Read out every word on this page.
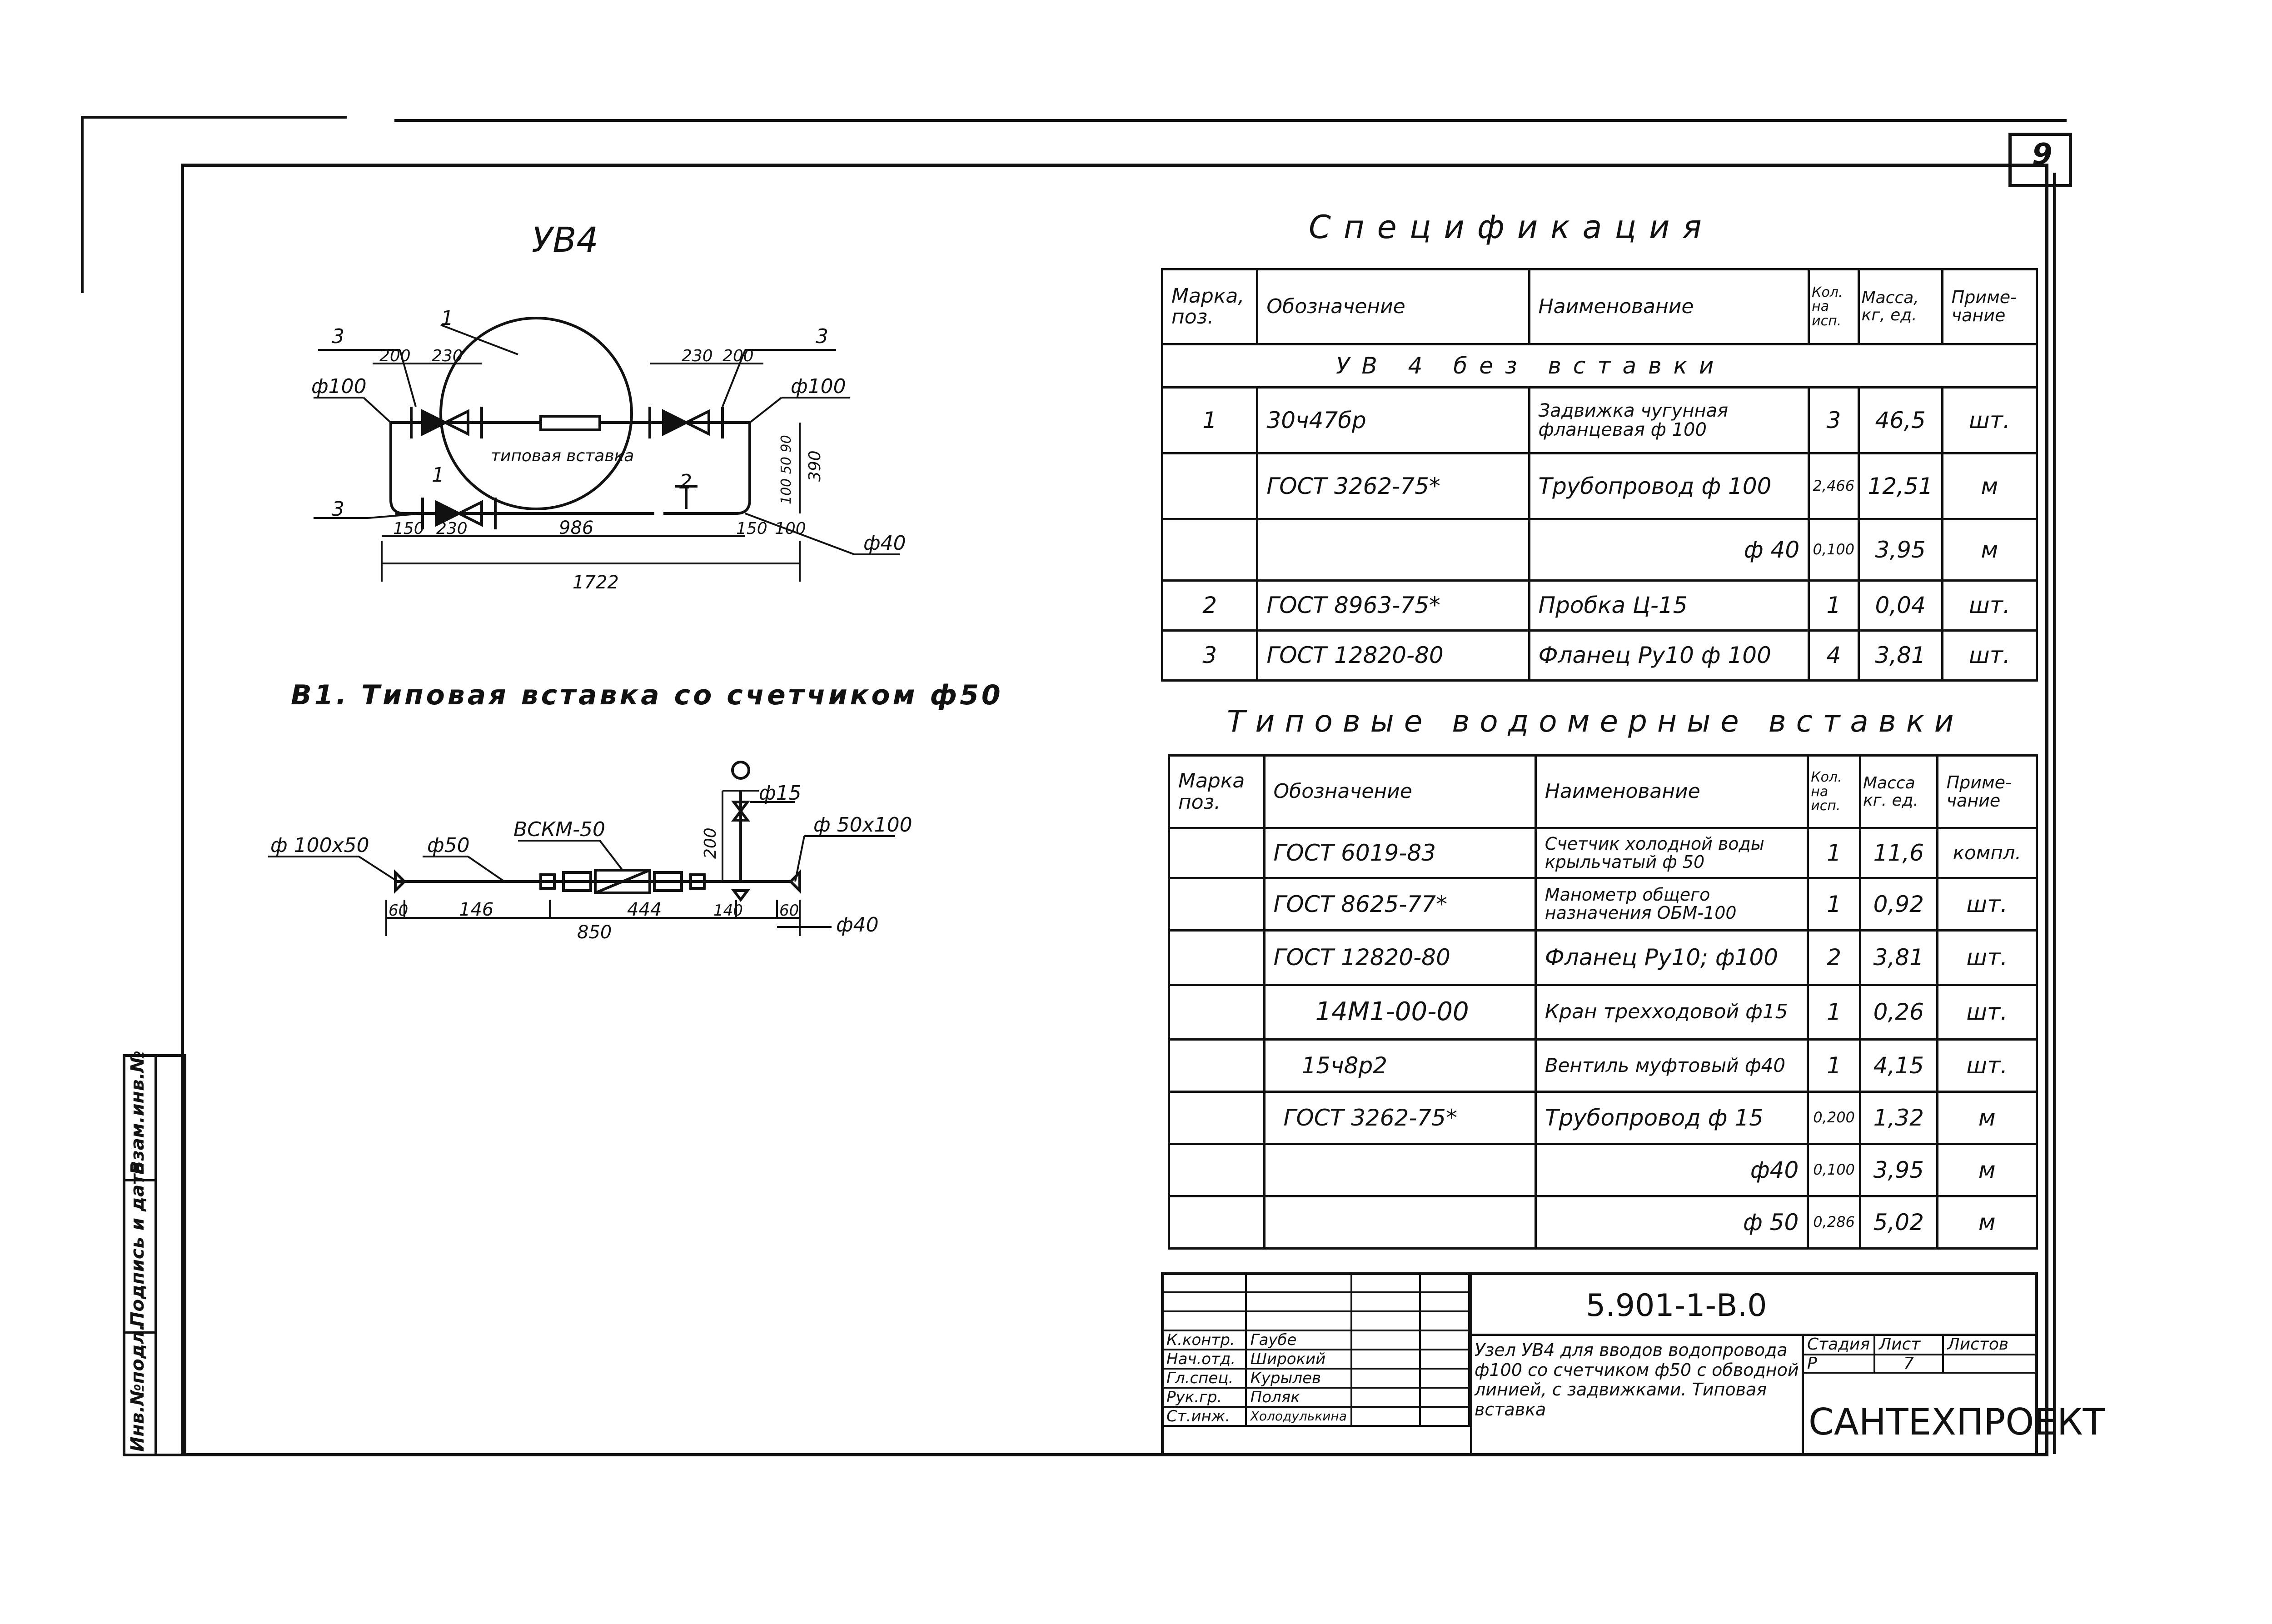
9
Инв.№подл.
Подпись и дата
Взам.инв.№
УВ4
3	3
1
1	2
3
ф100	ф100
ф40
200 230	230 200
типовая вставка
150 230	986	150 100
1722
390
100 50 90
В1. Типовая вставка со счетчиком ф50
ф 100х50	ф50
ВСКМ-50
ф15
ф 50х100
ф40
60	146	444	140 60
850
200
Спецификация
Марка, поз.	Обозначение	Наименование	Кол. на исп.	Масса, кг, ед.	Приме- чание
УВ 4 без вставки					
1	30ч47бр	Задвижка чугунная фланцевая ф 100	3	46,5	шт.
	ГОСТ 3262-75*	Трубопровод ф 100	2,466	12,51	м
		ф 40	0,100	3,95	м
2	ГОСТ 8963-75*	Пробка Ц-15	1	0,04	шт.
3	ГОСТ 12820-80	Фланец Ру10 ф 100	4	3,81	шт.
Типовые водомерные вставки
Марка поз.	Обозначение	Наименование	Кол. на исп.	Масса кг. ед.	Приме- чание
	ГОСТ 6019-83	Счетчик холодной воды крыльчатый ф 50	1	11,6	компл.
	ГОСТ 8625-77*	Манометр общего назначения ОБМ-100	1	0,92	шт.
	ГОСТ 12820-80	Фланец Ру10; ф100	2	3,81	шт.
	14М1-00-00	Кран трехходовой ф15	1	0,26	шт.
	15ч8р2	Вентиль муфтовый ф40	1	4,15	шт.
	ГОСТ 3262-75*	Трубопровод ф 15	0,200	1,32	м
		ф40	0,100	3,95	м
		ф 50	0,286	5,02	м

К.контр.	Гаубе		
Нач.отд.	Широкий		
Гл.спец.	Курылев		
Рук.гр.	Поляк		
Ст.инж.	Холодулькина		
5.901-1-В.0
Узел УВ4 для вводов водопровода ф100 со счетчиком ф50 с обводной линией, с задвижками. Типовая вставка
Стадия	Лист	Листов
Р	7	
САНТЕХПРОЕКТ
